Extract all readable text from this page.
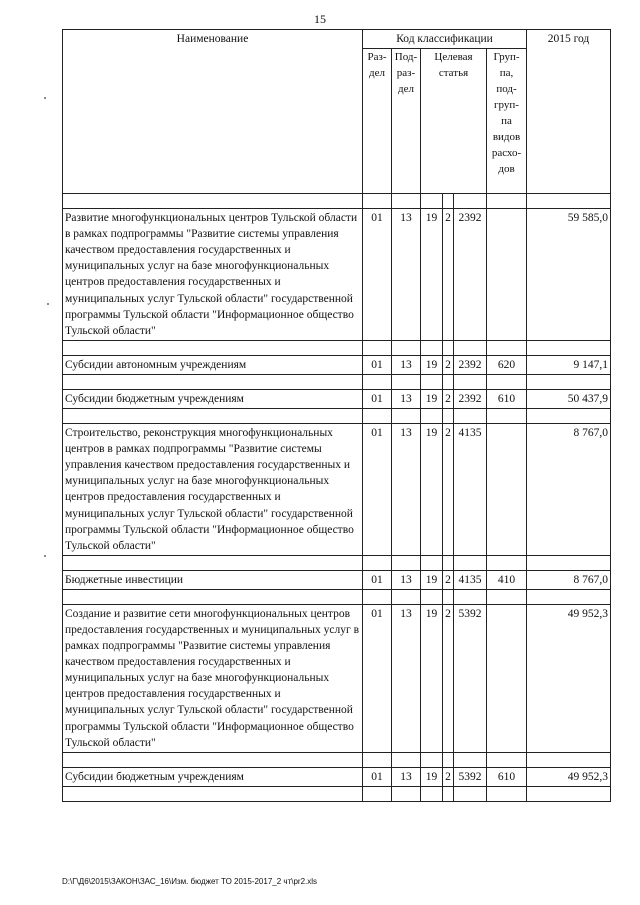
15
Наименование	Код классификации						2015 год
	Раз-дел	Под-раз-дел	Целевая статья			Груп-па, под-груп-па видов расхо-дов	

Развитие многофункциональных центров Тульской области в рамках подпрограммы "Развитие системы управления качеством предоставления государственных и муниципальных услуг на базе многофункциональных центров предоставления государственных и муниципальных услуг Тульской области" государственной программы Тульской области "Информационное общество Тульской области"	01	13	19	2	2392		59 585,0

Субсидии автономным учреждениям	01	13	19	2	2392	620	9 147,1

Субсидии бюджетным учреждениям	01	13	19	2	2392	610	50 437,9

Строительство, реконструкция многофункциональных центров в рамках подпрограммы "Развитие системы управления качеством предоставления государственных и муниципальных услуг на базе многофункциональных центров предоставления государственных и муниципальных услуг Тульской области" государственной программы Тульской области "Информационное общество Тульской области"	01	13	19	2	4135		8 767,0

Бюджетные инвестиции	01	13	19	2	4135	410	8 767,0

Создание и развитие сети многофункциональных центров предоставления государственных и муниципальных услуг в рамках подпрограммы "Развитие системы управления качеством предоставления государственных и муниципальных услуг на базе многофункциональных центров предоставления государственных и муниципальных услуг Тульской области" государственной программы Тульской области "Информационное общество Тульской области"	01	13	19	2	5392		49 952,3

Субсидии бюджетным учреждениям	01	13	19	2	5392	610	49 952,3

D:\Г\Д6\2015\ЗАКОН\ЗАС_16\Изм. бюджет ТО 2015-2017_2 чт\pr2.xls
